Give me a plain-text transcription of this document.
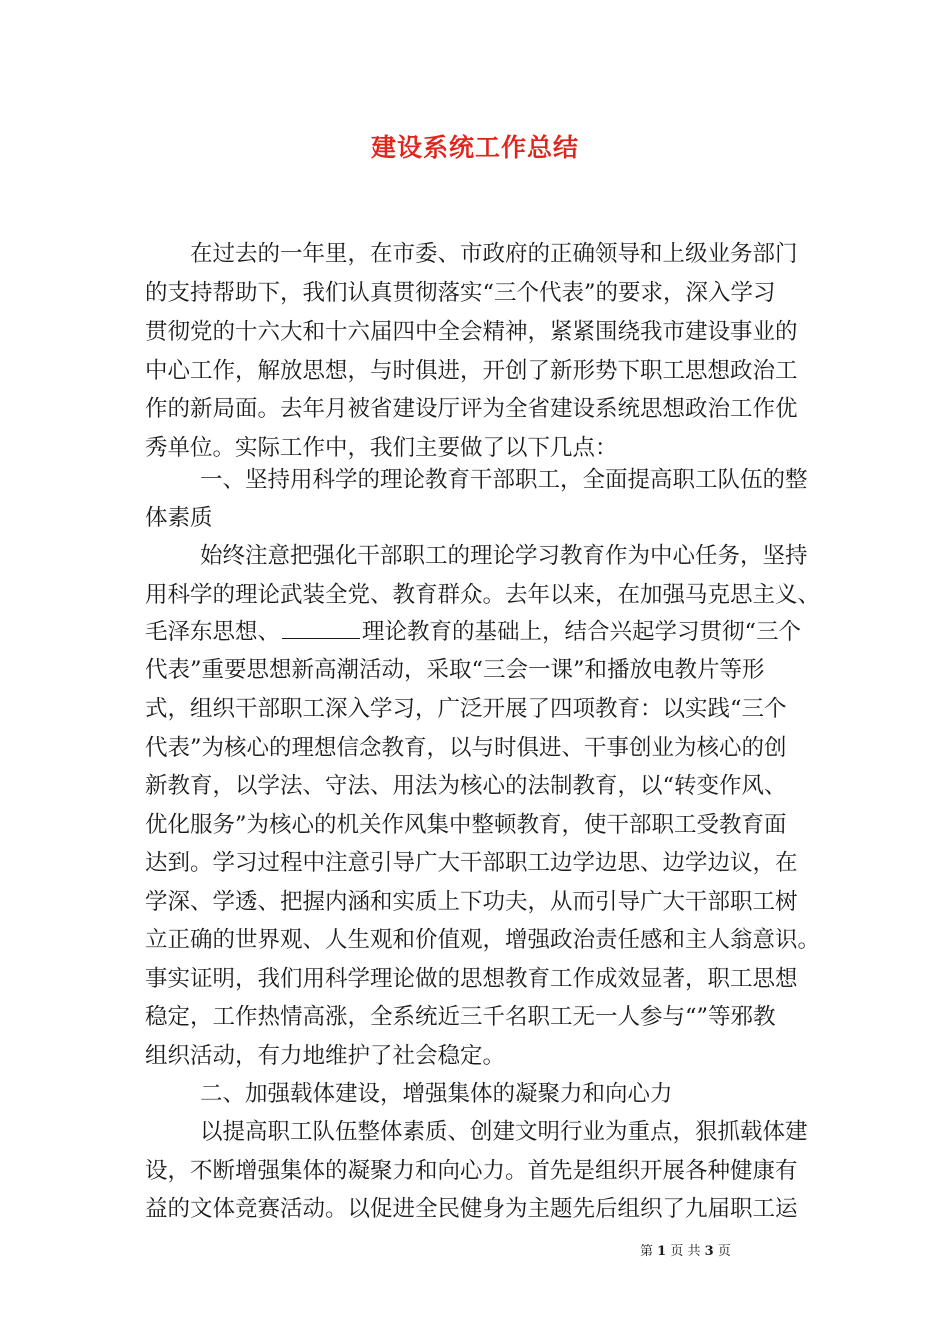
建设系统工作总结
在过去的一年里，在市委、市政府的正确领导和上级业务部门
的支持帮助下，我们认真贯彻落实“三个代表”的要求，深入学习
贯彻党的十六大和十六届四中全会精神，紧紧围绕我市建设事业的
中心工作，解放思想，与时俱进，开创了新形势下职工思想政治工
作的新局面。去年月被省建设厅评为全省建设系统思想政治工作优
秀单位。实际工作中，我们主要做了以下几点：
一、坚持用科学的理论教育干部职工，全面提高职工队伍的整
体素质
始终注意把强化干部职工的理论学习教育作为中心任务，坚持
用科学的理论武装全党、教育群众。去年以来，在加强马克思主义、
毛泽东思想、	理论教育的基础上，结合兴起学习贯彻“三个
代表”重要思想新高潮活动，采取“三会一课”和播放电教片等形
式，组织干部职工深入学习，广泛开展了四项教育：以实践“三个
代表”为核心的理想信念教育，以与时俱进、干事创业为核心的创
新教育，以学法、守法、用法为核心的法制教育，以“转变作风、
优化服务”为核心的机关作风集中整顿教育，使干部职工受教育面
达到。学习过程中注意引导广大干部职工边学边思、边学边议，在
学深、学透、把握内涵和实质上下功夫，从而引导广大干部职工树
立正确的世界观、人生观和价值观，增强政治责任感和主人翁意识。
事实证明，我们用科学理论做的思想教育工作成效显著，职工思想
稳定，工作热情高涨，全系统近三千名职工无一人参与“”等邪教
组织活动，有力地维护了社会稳定。
二、加强载体建设，增强集体的凝聚力和向心力
以提高职工队伍整体素质、创建文明行业为重点，狠抓载体建
设，不断增强集体的凝聚力和向心力。首先是组织开展各种健康有
益的文体竞赛活动。以促进全民健身为主题先后组织了九届职工运
第 1 页 共 3 页
